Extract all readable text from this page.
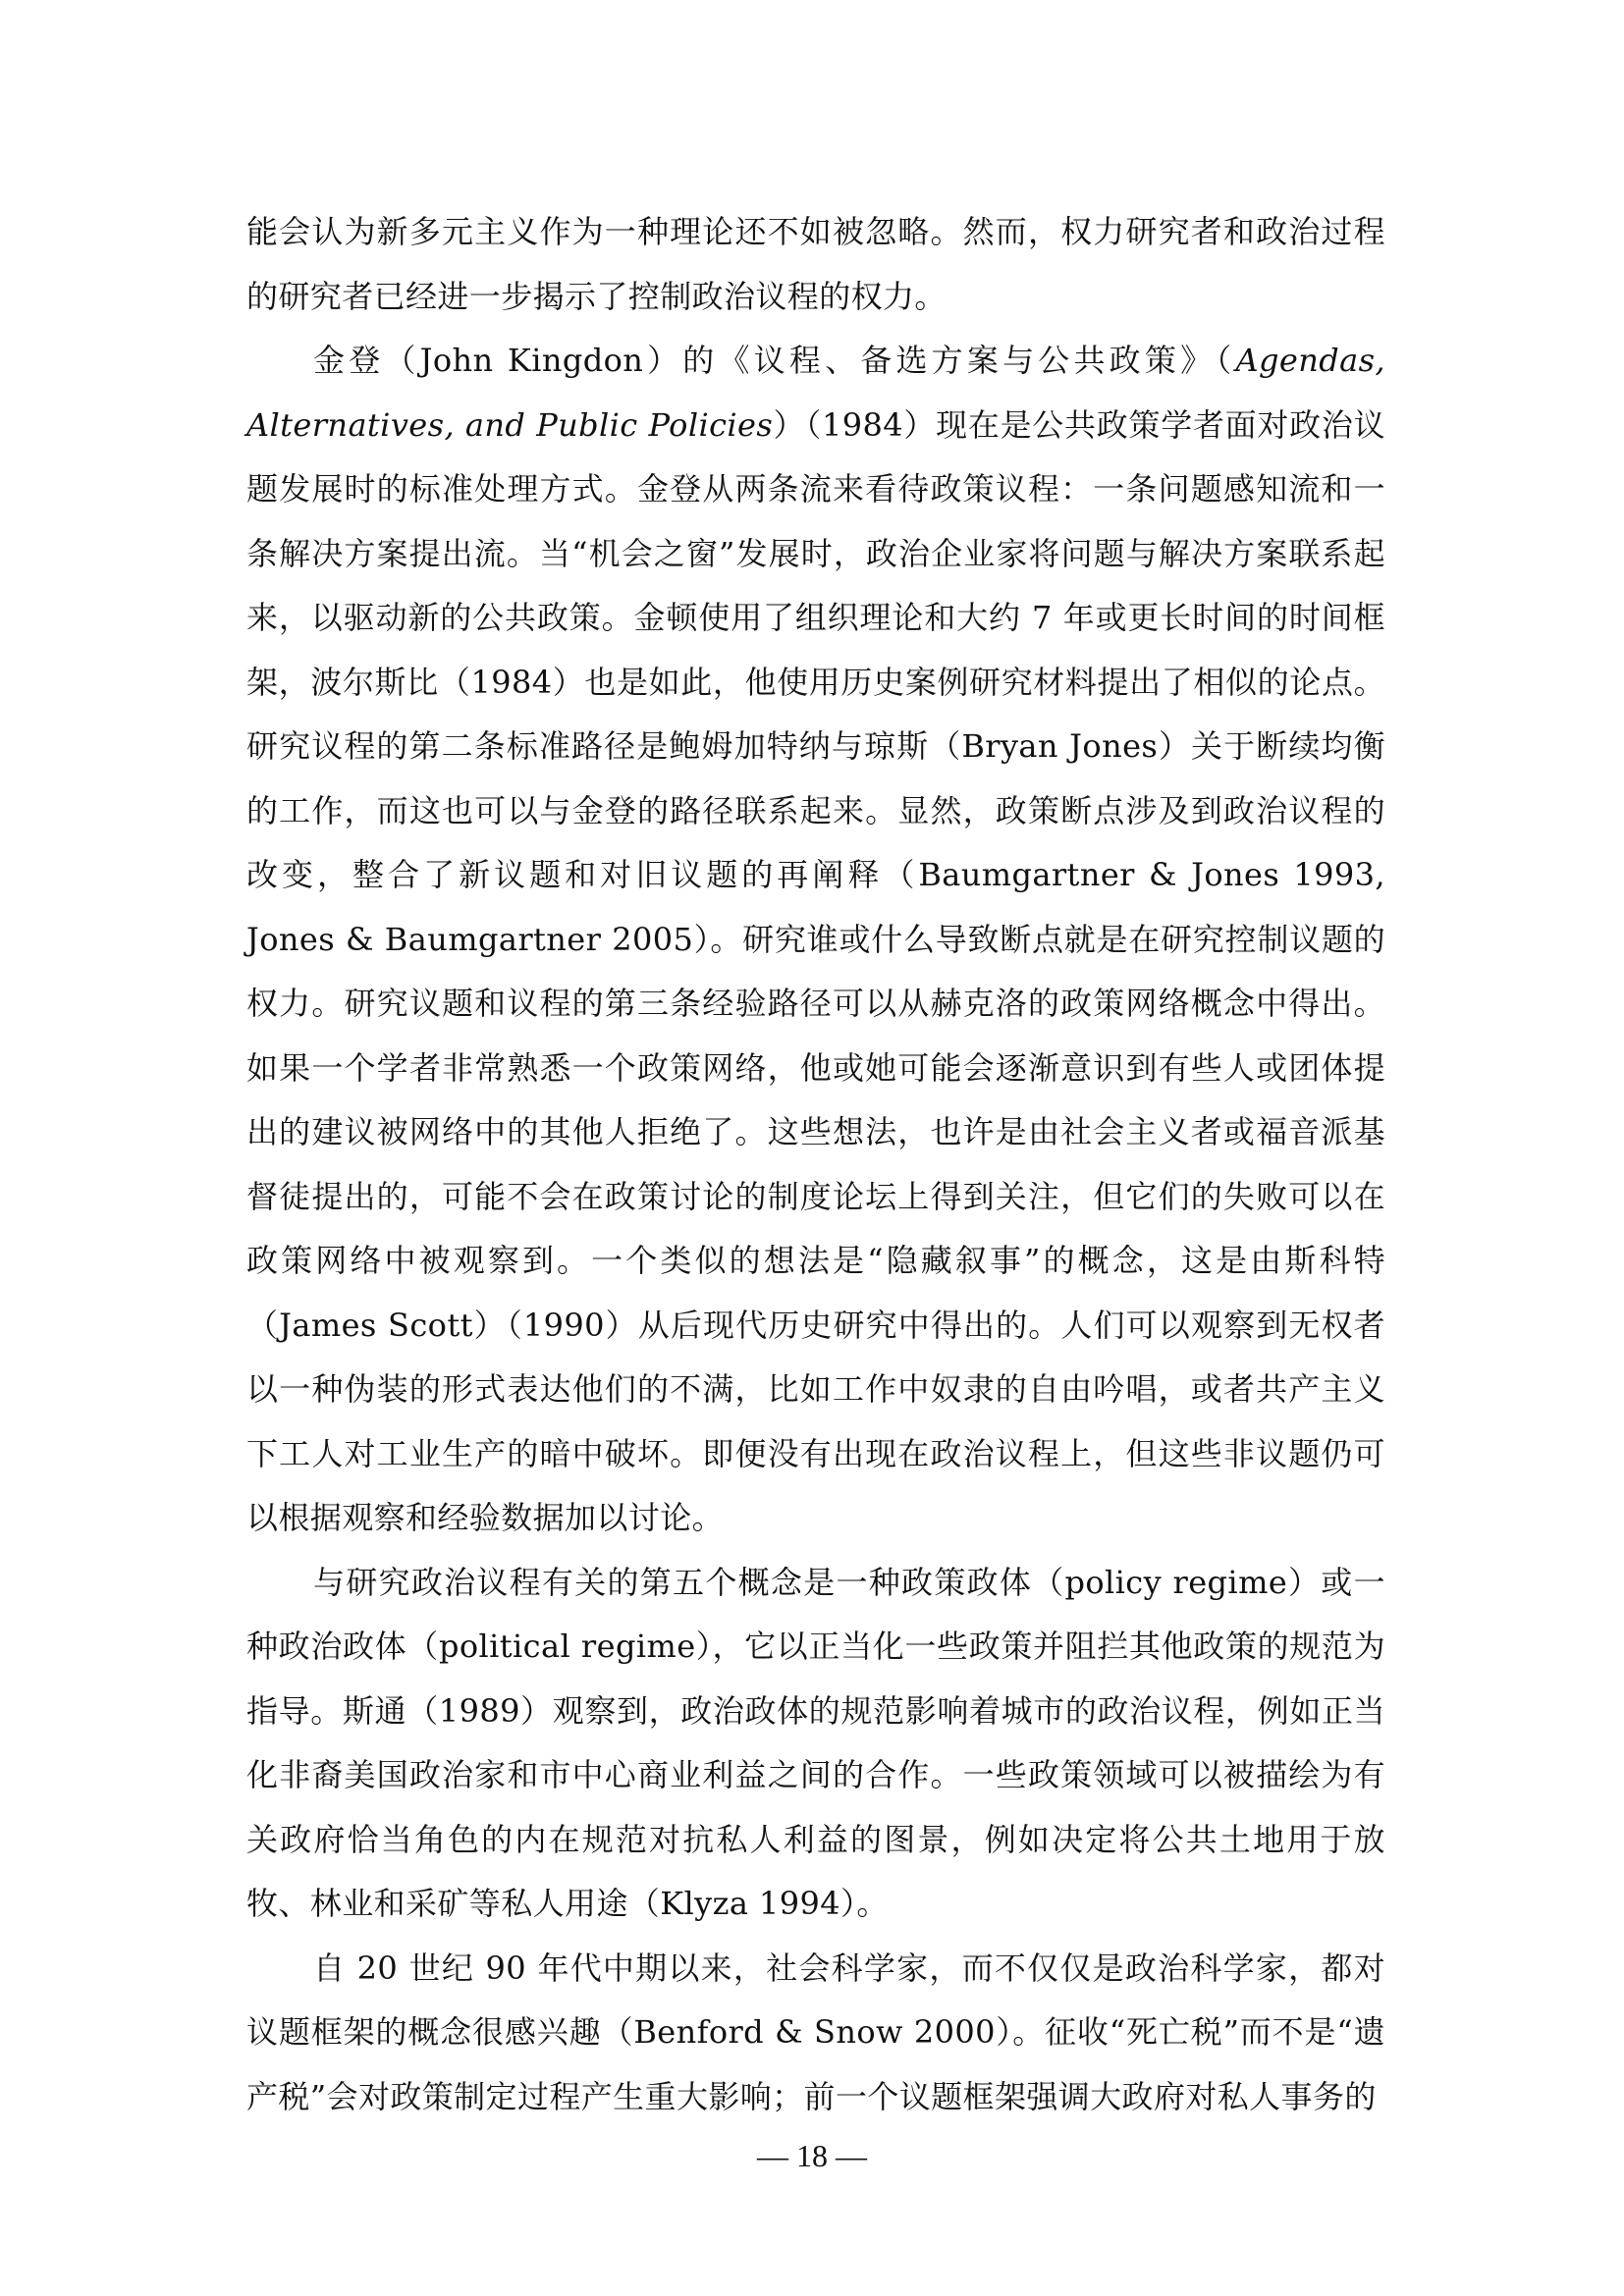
能会认为新多元主义作为一种理论还不如被忽略。然而，权力研究者和政治过程的研究者已经进一步揭示了控制政治议程的权力。

金登（John Kingdon）的《议程、备选方案与公共政策》（Agendas, Alternatives, and Public Policies）（1984）现在是公共政策学者面对政治议题发展时的标准处理方式。金登从两条流来看待政策议程：一条问题感知流和一条解决方案提出流。当“机会之窗”发展时，政治企业家将问题与解决方案联系起来，以驱动新的公共政策。金顿使用了组织理论和大约 7 年或更长时间的时间框架，波尔斯比（1984）也是如此，他使用历史案例研究材料提出了相似的论点。研究议程的第二条标准路径是鲍姆加特纳与琼斯（Bryan Jones）关于断续均衡的工作，而这也可以与金登的路径联系起来。显然，政策断点涉及到政治议程的改变，整合了新议题和对旧议题的再阐释（Baumgartner & Jones 1993, Jones & Baumgartner 2005）。研究谁或什么导致断点就是在研究控制议题的权力。研究议题和议程的第三条经验路径可以从赫克洛的政策网络概念中得出。如果一个学者非常熟悉一个政策网络，他或她可能会逐渐意识到有些人或团体提出的建议被网络中的其他人拒绝了。这些想法，也许是由社会主义者或福音派基督徒提出的，可能不会在政策讨论的制度论坛上得到关注，但它们的失败可以在政策网络中被观察到。一个类似的想法是“隐藏叙事”的概念，这是由斯科特（James Scott）（1990）从后现代历史研究中得出的。人们可以观察到无权者以一种伪装的形式表达他们的不满，比如工作中奴隶的自由吟唱，或者共产主义下工人对工业生产的暗中破坏。即便没有出现在政治议程上，但这些非议题仍可以根据观察和经验数据加以讨论。

与研究政治议程有关的第五个概念是一种政策政体（policy regime）或一种政治政体（political regime），它以正当化一些政策并阻拦其他政策的规范为指导。斯通（1989）观察到，政治政体的规范影响着城市的政治议程，例如正当化非裔美国政治家和市中心商业利益之间的合作。一些政策领域可以被描绘为有关政府恰当角色的内在规范对抗私人利益的图景，例如决定将公共土地用于放牧、林业和采矿等私人用途（Klyza 1994）。

自 20 世纪 90 年代中期以来，社会科学家，而不仅仅是政治科学家，都对议题框架的概念很感兴趣（Benford & Snow 2000）。征收“死亡税”而不是“遗产税”会对政策制定过程产生重大影响；前一个议题框架强调大政府对私人事务的

— 18 —
